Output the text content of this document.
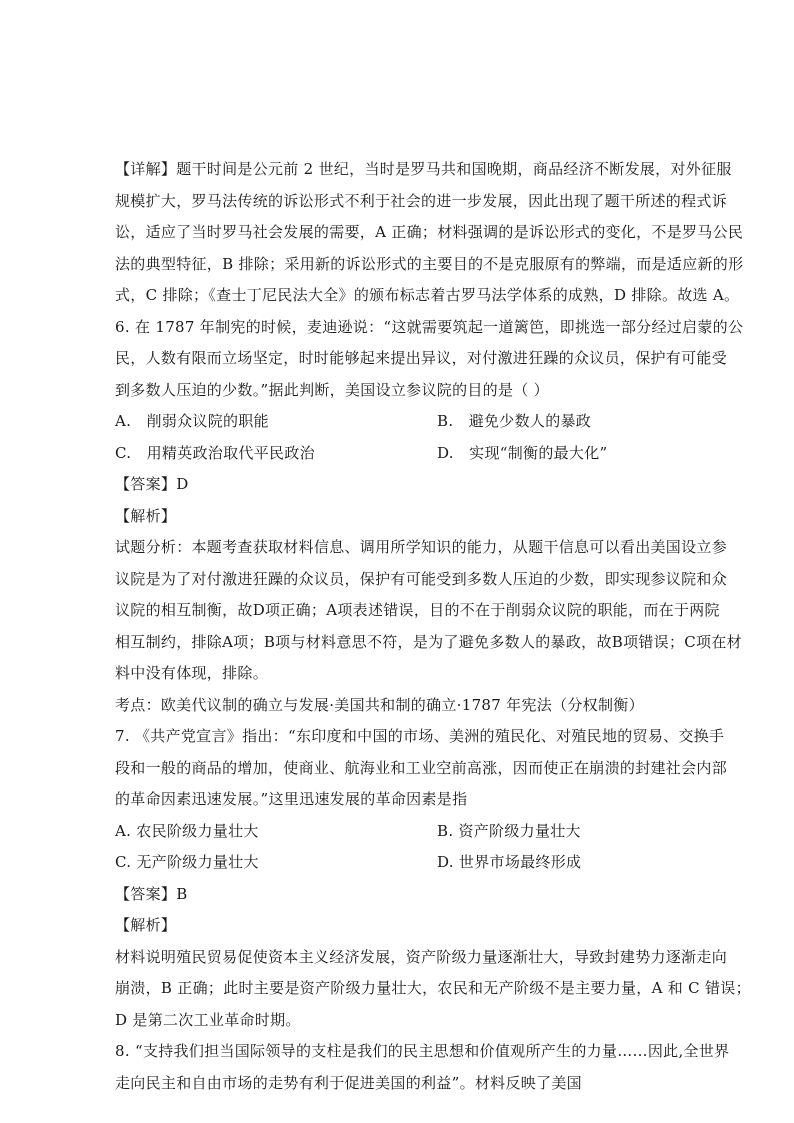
【详解】题干时间是公元前 2 世纪，当时是罗马共和国晚期，商品经济不断发展，对外征服
规模扩大，罗马法传统的诉讼形式不利于社会的进一步发展，因此出现了题干所述的程式诉
讼，适应了当时罗马社会发展的需要，A 正确；材料强调的是诉讼形式的变化，不是罗马公民
法的典型特征，B 排除；采用新的诉讼形式的主要目的不是克服原有的弊端，而是适应新的形
式，C 排除；《查士丁尼民法大全》的颁布标志着古罗马法学体系的成熟，D 排除。故选 A。
6. 在 1787 年制宪的时候，麦迪逊说：“这就需要筑起一道篱笆，即挑选一部分经过启蒙的公
民，人数有限而立场坚定，时时能够起来提出异议，对付激进狂躁的众议员，保护有可能受
到多数人压迫的少数。”据此判断，美国设立参议院的目的是（ ）
A.　削弱众议院的职能	B.　避免少数人的暴政
C.　用精英政治取代平民政治	D.　实现“制衡的最大化”
【答案】D
【解析】
试题分析：本题考查获取材料信息、调用所学知识的能力，从题干信息可以看出美国设立参
议院是为了对付激进狂躁的众议员，保护有可能受到多数人压迫的少数，即实现参议院和众
议院的相互制衡，故D项正确；A项表述错误，目的不在于削弱众议院的职能，而在于两院
相互制约，排除A项；B项与材料意思不符，是为了避免多数人的暴政，故B项错误；C项在材
料中没有体现，排除。
考点：欧美代议制的确立与发展·美国共和制的确立·1787 年宪法（分权制衡）
7. 《共产党宣言》指出：“东印度和中国的市场、美洲的殖民化、对殖民地的贸易、交换手
段和一般的商品的增加，使商业、航海业和工业空前高涨，因而使正在崩溃的封建社会内部
的革命因素迅速发展。”这里迅速发展的革命因素是指
A. 农民阶级力量壮大	B. 资产阶级力量壮大
C. 无产阶级力量壮大	D. 世界市场最终形成
【答案】B
【解析】
材料说明殖民贸易促使资本主义经济发展，资产阶级力量逐渐壮大，导致封建势力逐渐走向
崩溃，B 正确；此时主要是资产阶级力量壮大，农民和无产阶级不是主要力量，A 和 C 错误；
D 是第二次工业革命时期。
8. “支持我们担当国际领导的支柱是我们的民主思想和价值观所产生的力量……因此,全世界
走向民主和自由市场的走势有利于促进美国的利益”。材料反映了美国
